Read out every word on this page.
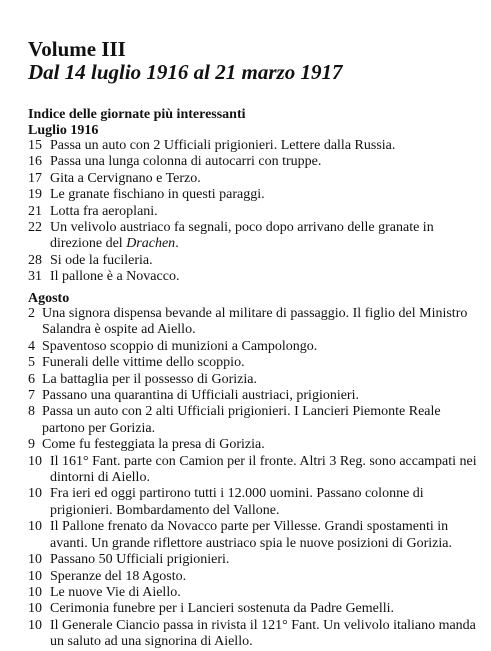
Volume III
Dal 14 luglio 1916 al 21 marzo 1917
Indice delle giornate più interessanti
Luglio 1916
15 Passa un auto con 2 Ufficiali prigionieri. Lettere dalla Russia.
16 Passa una lunga colonna di autocarri con truppe.
17 Gita a Cervignano e Terzo.
19 Le granate fischiano in questi paraggi.
21 Lotta fra aeroplani.
22 Un velivolo austriaco fa segnali, poco dopo arrivano delle granate in direzione del Drachen.
28 Si ode la fucileria.
31 Il pallone è a Novacco.
Agosto
2 Una signora dispensa bevande al militare di passaggio. Il figlio del Ministro Salandra è ospite ad Aiello.
4 Spaventoso scoppio di munizioni a Campolongo.
5 Funerali delle vittime dello scoppio.
6 La battaglia per il possesso di Gorizia.
7 Passano una quarantina di Ufficiali austriaci, prigionieri.
8 Passa un auto con 2 alti Ufficiali prigionieri. I Lancieri Piemonte Reale partono per Gorizia.
9 Come fu festeggiata la presa di Gorizia.
10 Il 161° Fant. parte con Camion per il fronte. Altri 3 Reg. sono accampati nei dintorni di Aiello.
10 Fra ieri ed oggi partirono tutti i 12.000 uomini. Passano colonne di prigionieri. Bombardamento del Vallone.
10 Il Pallone frenato da Novacco parte per Villesse. Grandi spostamenti in avanti. Un grande riflettore austriaco spia le nuove posizioni di Gorizia.
10 Passano 50 Ufficiali prigionieri.
10 Speranze del 18 Agosto.
10 Le nuove Vie di Aiello.
10 Cerimonia funebre per i Lancieri sostenuta da Padre Gemelli.
10 Il Generale Ciancio passa in rivista il 121° Fant. Un velivolo italiano manda un saluto ad una signorina di Aiello.
